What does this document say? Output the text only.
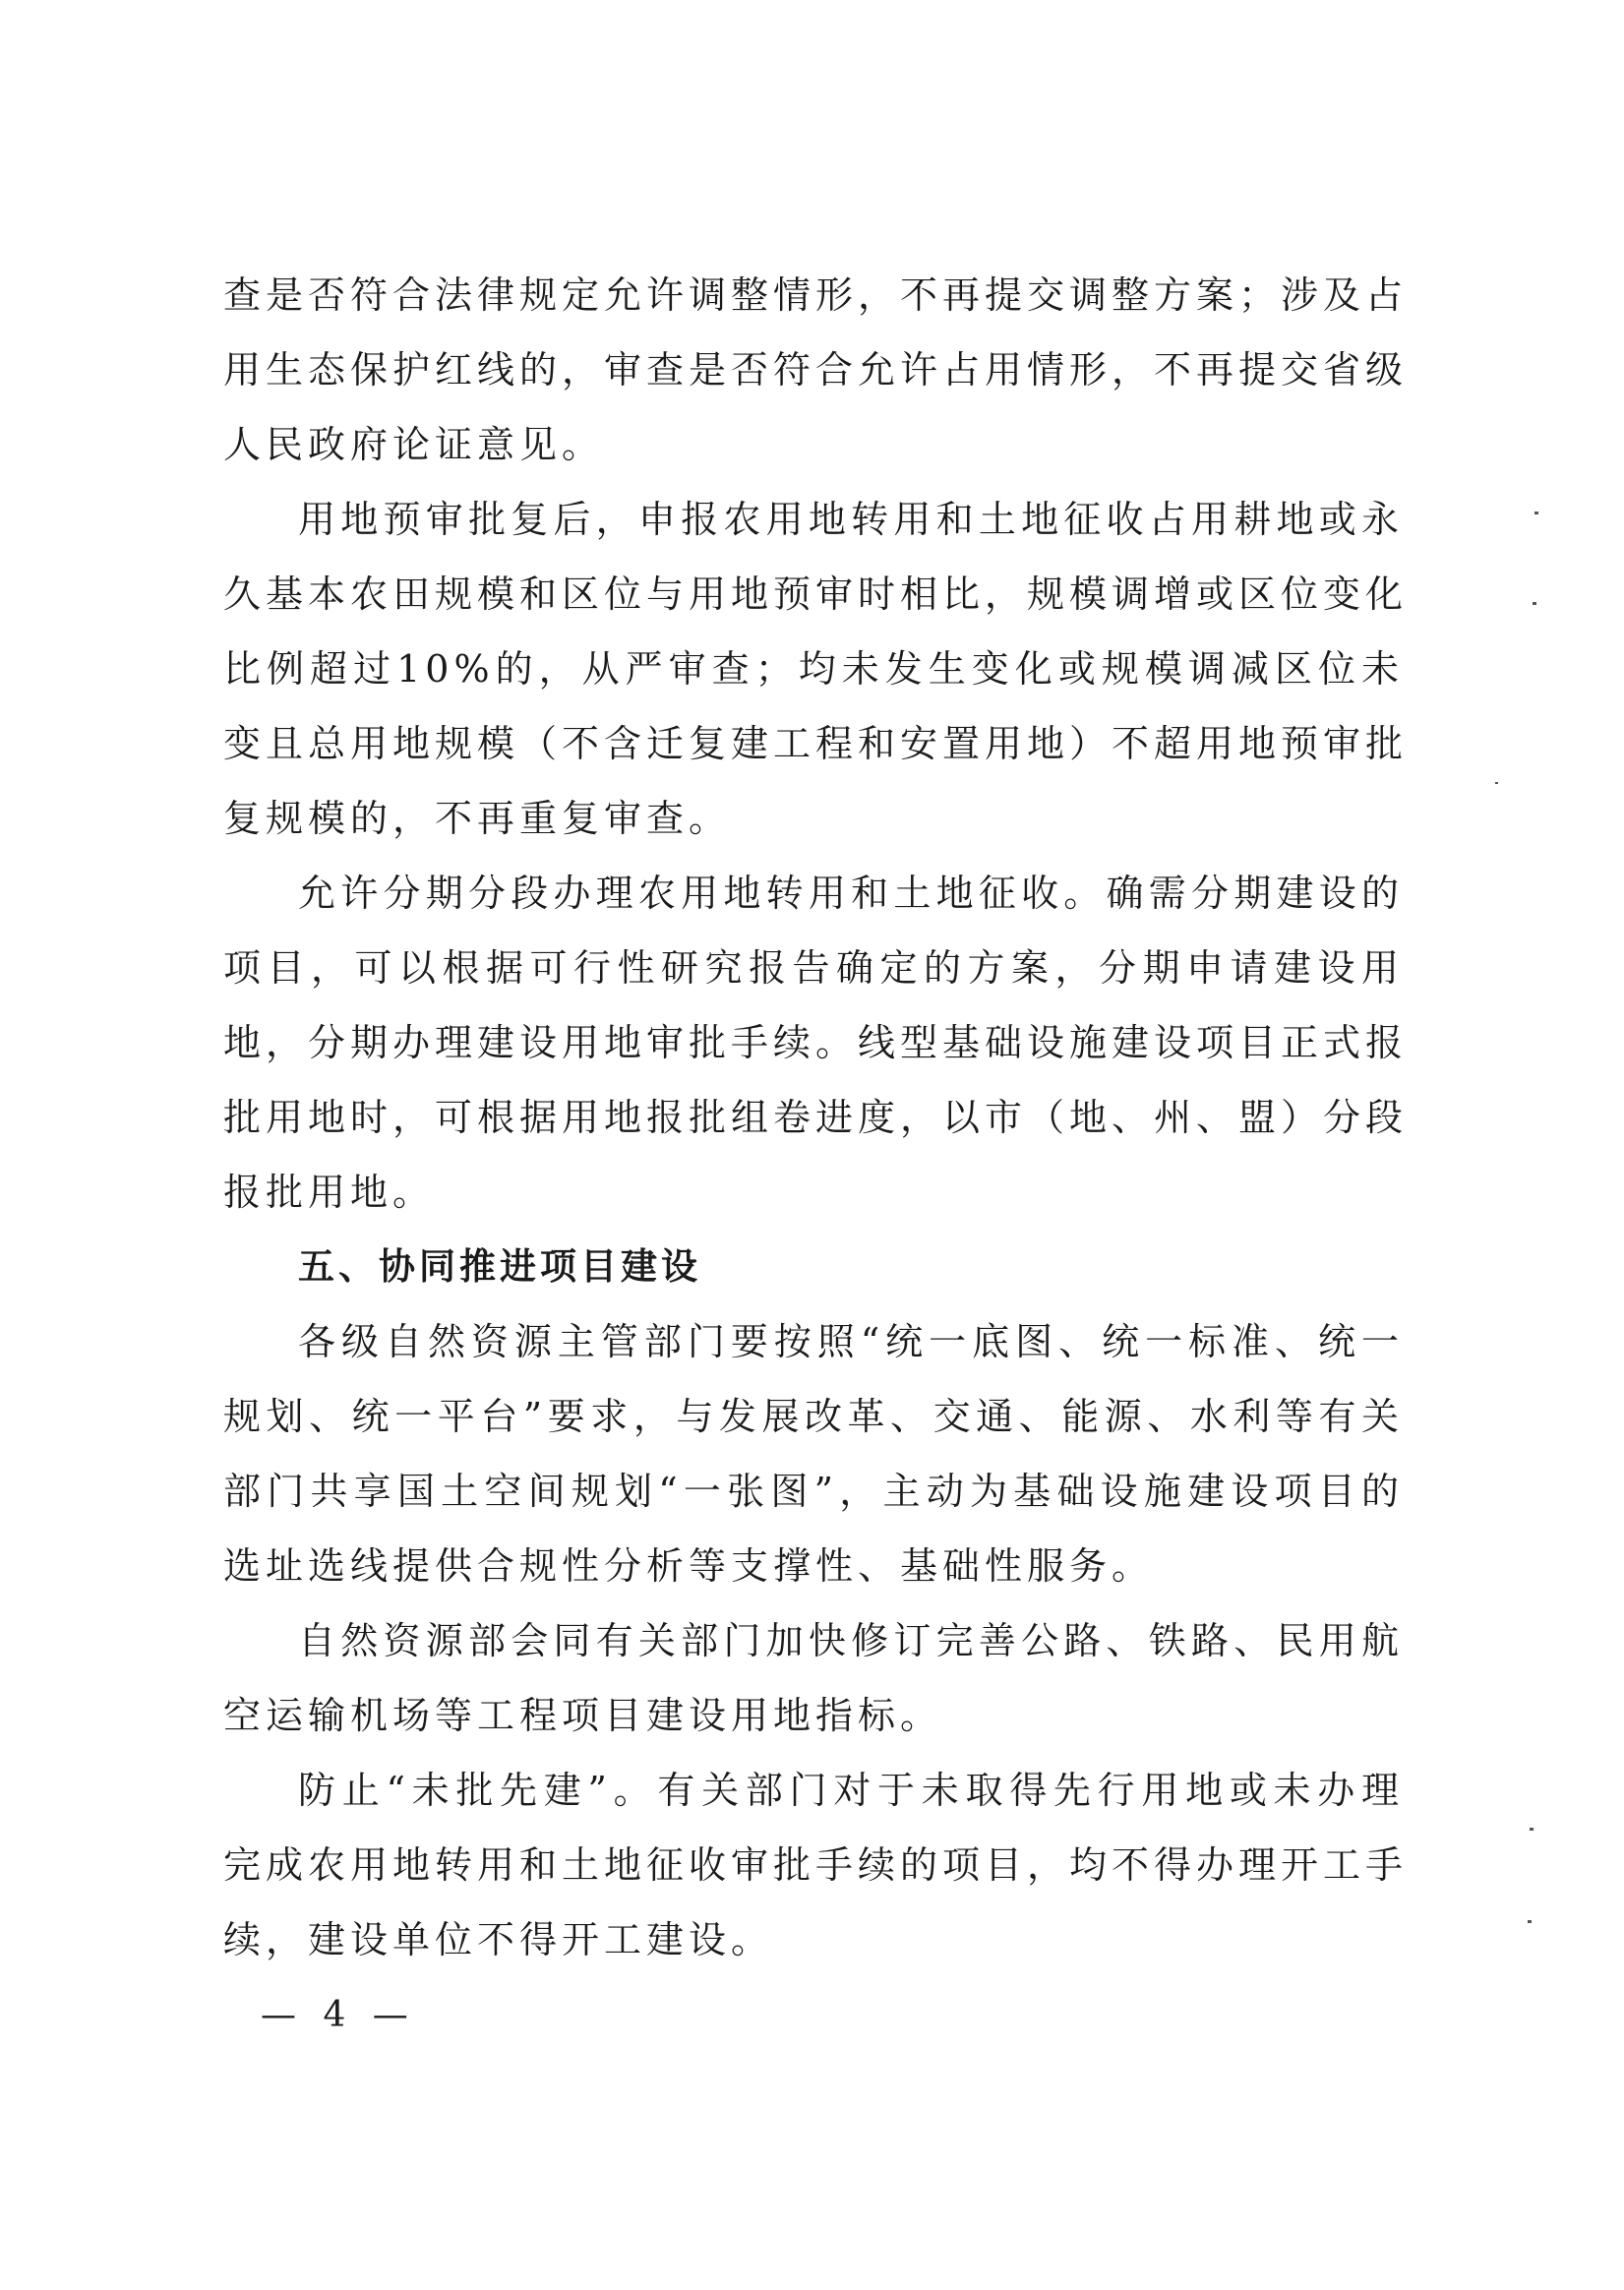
查是否符合法律规定允许调整情形，不再提交调整方案；涉及占
用生态保护红线的，审查是否符合允许占用情形，不再提交省级
人民政府论证意见。
用地预审批复后，申报农用地转用和土地征收占用耕地或永
久基本农田规模和区位与用地预审时相比，规模调增或区位变化
比例超过10%的，从严审查；均未发生变化或规模调减区位未
变且总用地规模（不含迁复建工程和安置用地）不超用地预审批
复规模的，不再重复审查。
允许分期分段办理农用地转用和土地征收。确需分期建设的
项目，可以根据可行性研究报告确定的方案，分期申请建设用
地，分期办理建设用地审批手续。线型基础设施建设项目正式报
批用地时，可根据用地报批组卷进度，以市（地、州、盟）分段
报批用地。
五、协同推进项目建设
各级自然资源主管部门要按照“统一底图、统一标准、统一
规划、统一平台”要求，与发展改革、交通、能源、水利等有关
部门共享国土空间规划“一张图”，主动为基础设施建设项目的
选址选线提供合规性分析等支撑性、基础性服务。
自然资源部会同有关部门加快修订完善公路、铁路、民用航
空运输机场等工程项目建设用地指标。
防止“未批先建”。有关部门对于未取得先行用地或未办理
完成农用地转用和土地征收审批手续的项目，均不得办理开工手
续，建设单位不得开工建设。
— 4 —
